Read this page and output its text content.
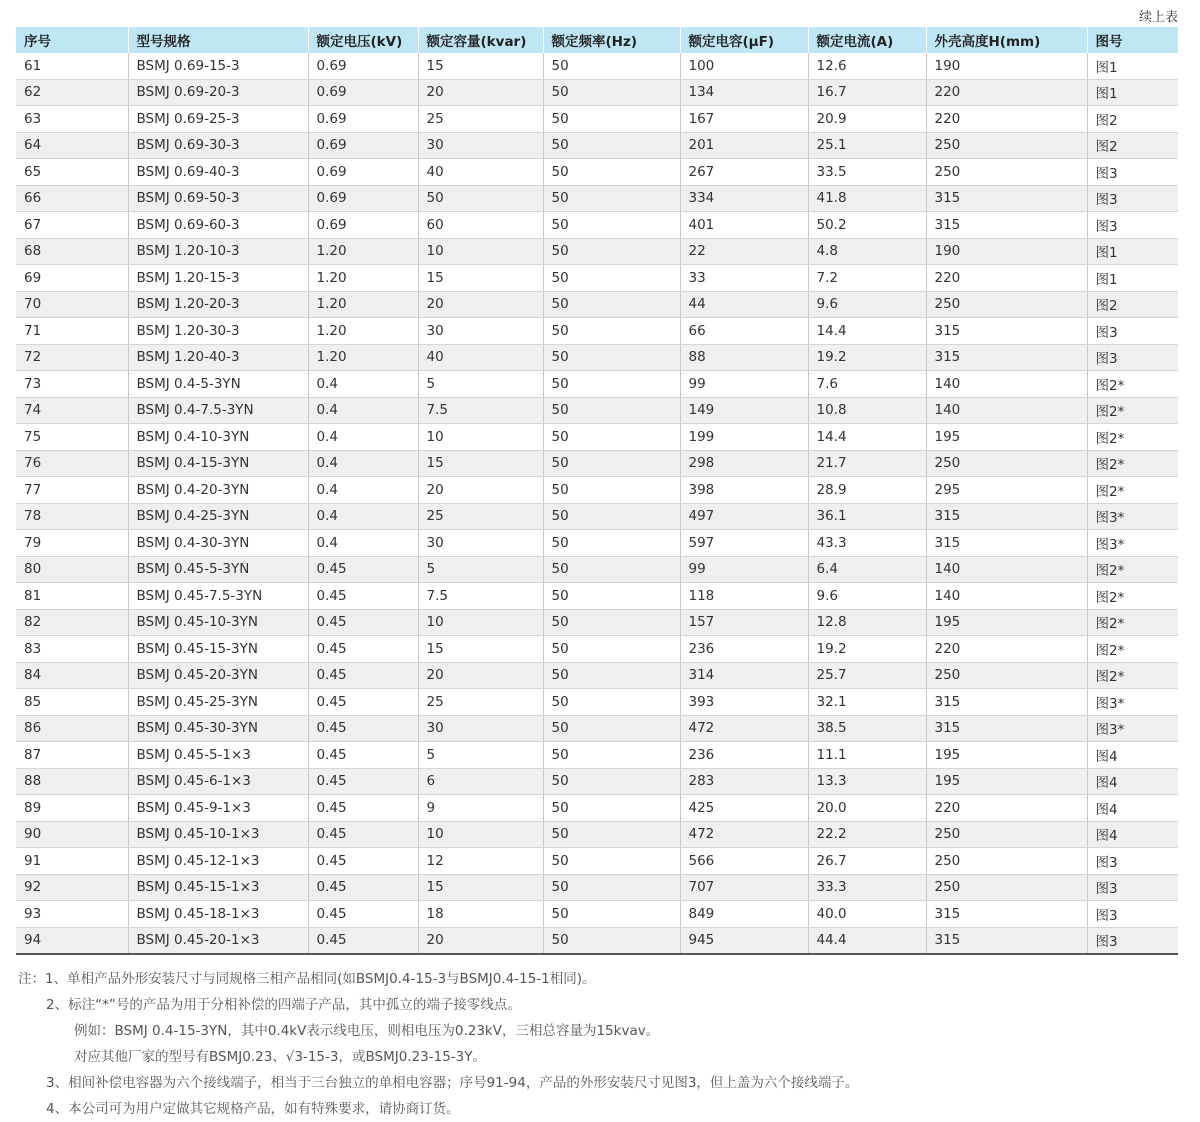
续上表
序号	型号规格	额定电压(kV)	额定容量(kvar)	额定频率(Hz)	额定电容(μF)	额定电流(A)	外壳高度H(mm)	图号
61	BSMJ 0.69-15-3	0.69	15	50	100	12.6	190	图1
62	BSMJ 0.69-20-3	0.69	20	50	134	16.7	220	图1
63	BSMJ 0.69-25-3	0.69	25	50	167	20.9	220	图2
64	BSMJ 0.69-30-3	0.69	30	50	201	25.1	250	图2
65	BSMJ 0.69-40-3	0.69	40	50	267	33.5	250	图3
66	BSMJ 0.69-50-3	0.69	50	50	334	41.8	315	图3
67	BSMJ 0.69-60-3	0.69	60	50	401	50.2	315	图3
68	BSMJ 1.20-10-3	1.20	10	50	22	4.8	190	图1
69	BSMJ 1.20-15-3	1.20	15	50	33	7.2	220	图1
70	BSMJ 1.20-20-3	1.20	20	50	44	9.6	250	图2
71	BSMJ 1.20-30-3	1.20	30	50	66	14.4	315	图3
72	BSMJ 1.20-40-3	1.20	40	50	88	19.2	315	图3
73	BSMJ 0.4-5-3YN	0.4	5	50	99	7.6	140	图2*
74	BSMJ 0.4-7.5-3YN	0.4	7.5	50	149	10.8	140	图2*
75	BSMJ 0.4-10-3YN	0.4	10	50	199	14.4	195	图2*
76	BSMJ 0.4-15-3YN	0.4	15	50	298	21.7	250	图2*
77	BSMJ 0.4-20-3YN	0.4	20	50	398	28.9	295	图2*
78	BSMJ 0.4-25-3YN	0.4	25	50	497	36.1	315	图3*
79	BSMJ 0.4-30-3YN	0.4	30	50	597	43.3	315	图3*
80	BSMJ 0.45-5-3YN	0.45	5	50	99	6.4	140	图2*
81	BSMJ 0.45-7.5-3YN	0.45	7.5	50	118	9.6	140	图2*
82	BSMJ 0.45-10-3YN	0.45	10	50	157	12.8	195	图2*
83	BSMJ 0.45-15-3YN	0.45	15	50	236	19.2	220	图2*
84	BSMJ 0.45-20-3YN	0.45	20	50	314	25.7	250	图2*
85	BSMJ 0.45-25-3YN	0.45	25	50	393	32.1	315	图3*
86	BSMJ 0.45-30-3YN	0.45	30	50	472	38.5	315	图3*
87	BSMJ 0.45-5-1×3	0.45	5	50	236	11.1	195	图4
88	BSMJ 0.45-6-1×3	0.45	6	50	283	13.3	195	图4
89	BSMJ 0.45-9-1×3	0.45	9	50	425	20.0	220	图4
90	BSMJ 0.45-10-1×3	0.45	10	50	472	22.2	250	图4
91	BSMJ 0.45-12-1×3	0.45	12	50	566	26.7	250	图3
92	BSMJ 0.45-15-1×3	0.45	15	50	707	33.3	250	图3
93	BSMJ 0.45-18-1×3	0.45	18	50	849	40.0	315	图3
94	BSMJ 0.45-20-1×3	0.45	20	50	945	44.4	315	图3
注：1、单相产品外形安装尺寸与同规格三相产品相同(如BSMJ0.4-15-3与BSMJ0.4-15-1相同)。
2、标注“*”号的产品为用于分相补偿的四端子产品，其中孤立的端子接零线点。
例如：BSMJ 0.4-15-3YN，其中0.4kV表示线电压，则相电压为0.23kV，三相总容量为15kvav。
对应其他厂家的型号有BSMJ0.23、√3-15-3，或BSMJ0.23-15-3Y。
3、相间补偿电容器为六个接线端子，相当于三台独立的单相电容器；序号91-94，产品的外形安装尺寸见图3，但上盖为六个接线端子。
4、本公司可为用户定做其它规格产品，如有特殊要求，请协商订货。
